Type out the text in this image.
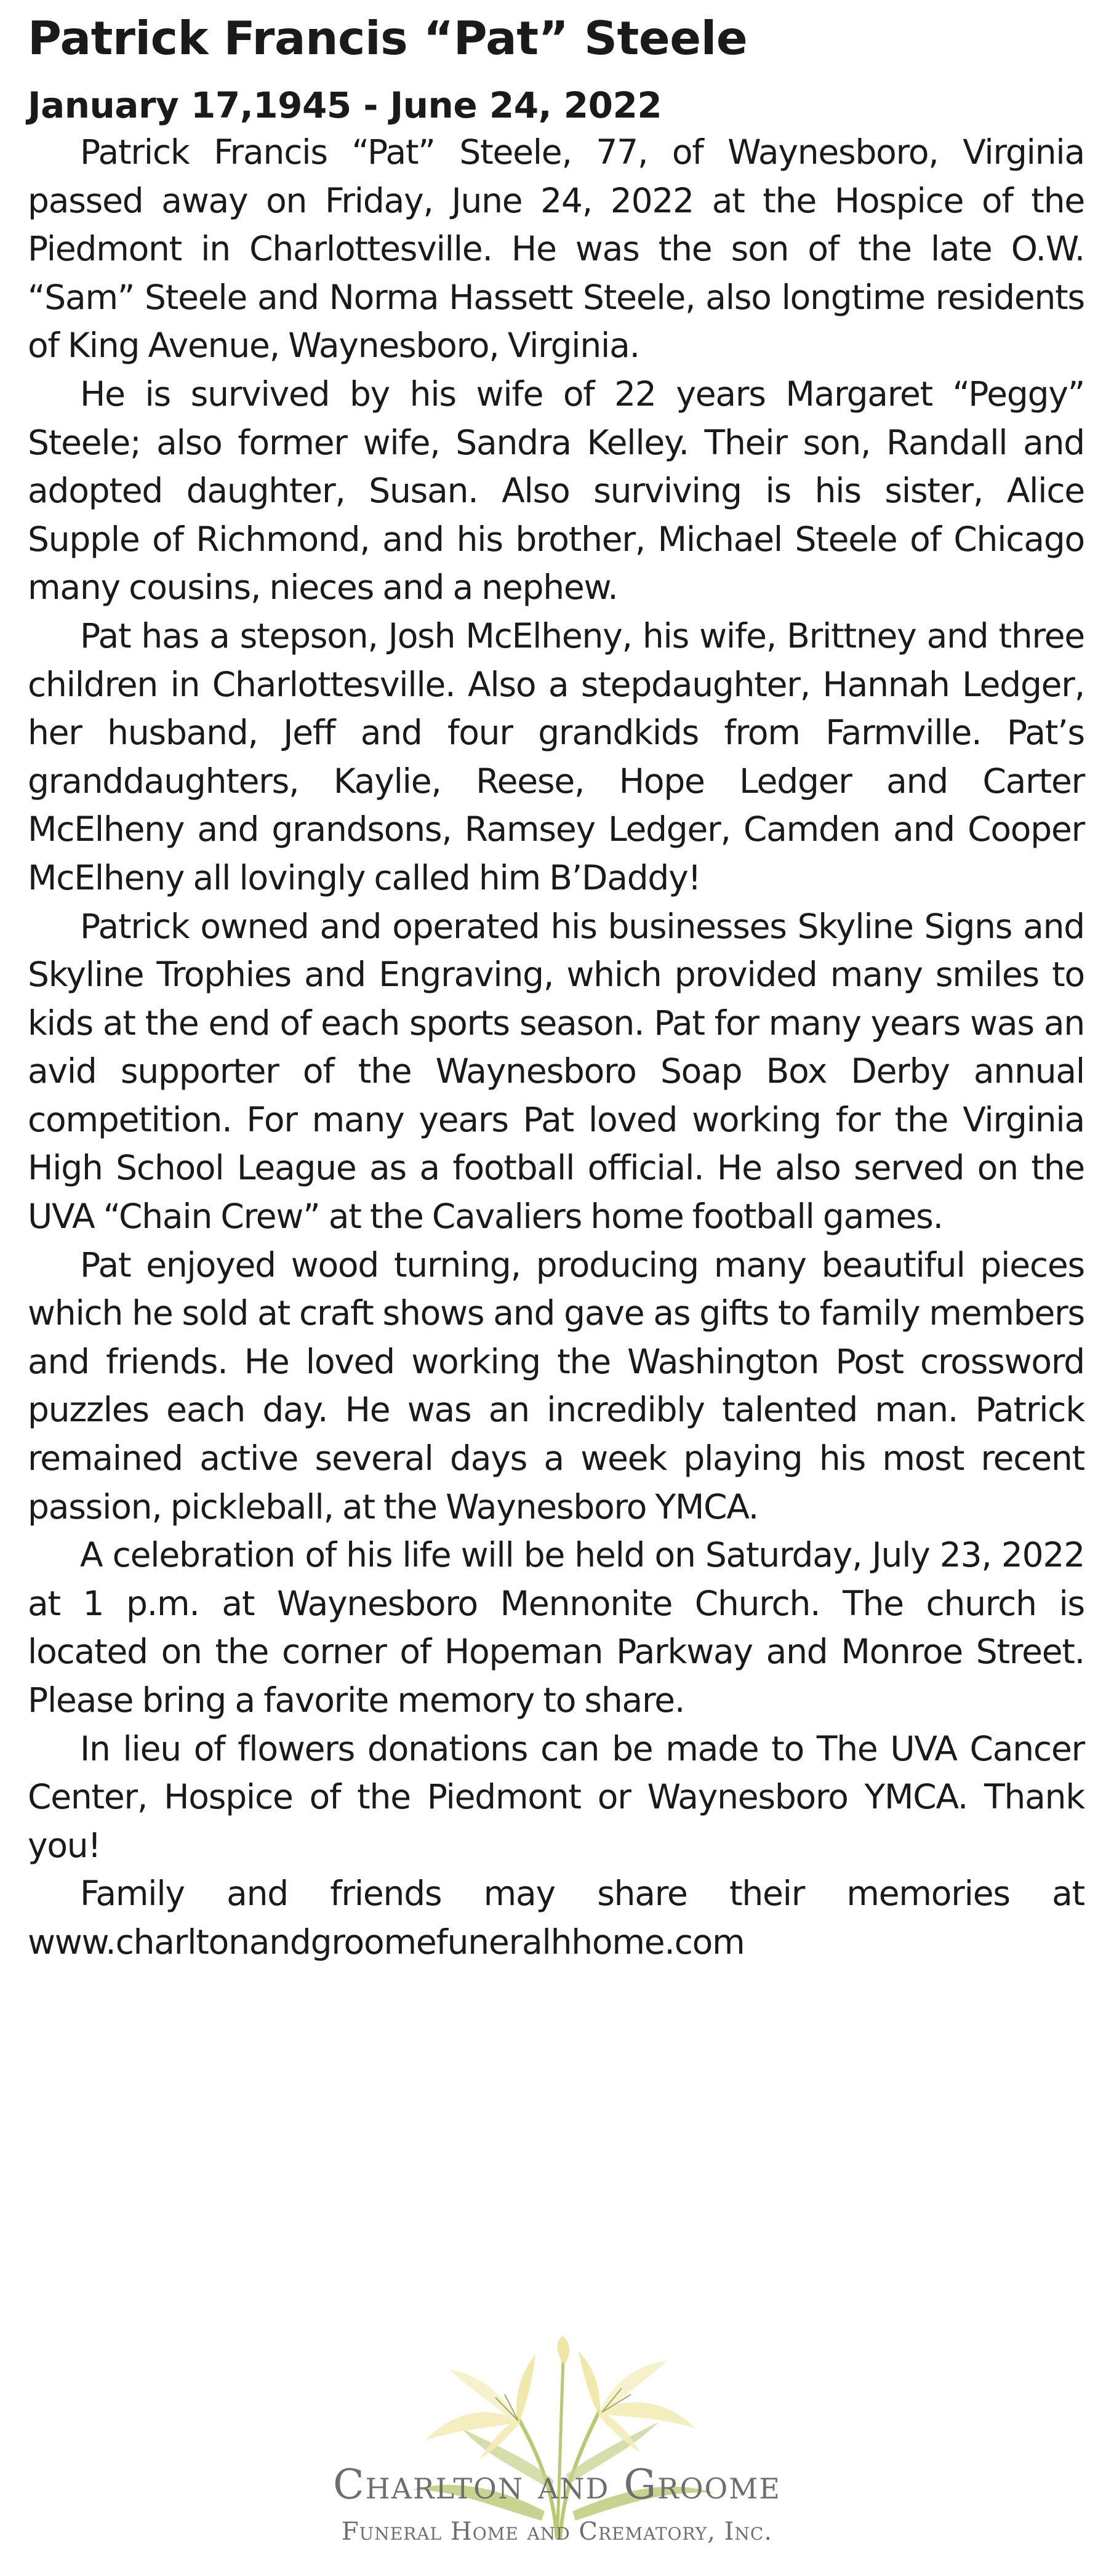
Patrick Francis “Pat” Steele
January 17,1945 - June 24, 2022

Patrick Francis “Pat” Steele, 77, of Waynesboro, Virginia passed away on Friday, June 24, 2022 at the Hospice of the Piedmont in Charlottesville. He was the son of the late O.W. “Sam” Steele and Norma Hassett Steele, also longtime residents of King Avenue, Waynesboro, Virginia.

He is survived by his wife of 22 years Margaret “Peggy” Steele; also former wife, Sandra Kelley. Their son, Randall and adopted daughter, Susan. Also surviving is his sister, Alice Supple of Richmond, and his brother, Michael Steele of Chicago many cousins, nieces and a nephew.

Pat has a stepson, Josh McElheny, his wife, Brittney and three children in Charlottesville. Also a stepdaughter, Hannah Ledger, her husband, Jeff and four grandkids from Farmville. Pat’s granddaughters, Kaylie, Reese, Hope Ledger and Carter McElheny and grandsons, Ramsey Ledger, Camden and Cooper McElheny all lovingly called him B’Daddy!

Patrick owned and operated his businesses Skyline Signs and Skyline Trophies and Engraving, which provided many smiles to kids at the end of each sports season. Pat for many years was an avid supporter of the Waynesboro Soap Box Derby annual competition. For many years Pat loved working for the Virginia High School League as a football official. He also served on the UVA “Chain Crew” at the Cavaliers home football games.

Pat enjoyed wood turning, producing many beautiful pieces which he sold at craft shows and gave as gifts to family members and friends. He loved working the Washington Post crossword puzzles each day. He was an incredibly talented man. Patrick remained active several days a week playing his most recent passion, pickleball, at the Waynesboro YMCA.

A celebration of his life will be held on Saturday, July 23, 2022 at 1 p.m. at Waynesboro Mennonite Church. The church is located on the corner of Hopeman Parkway and Monroe Street. Please bring a favorite memory to share.

In lieu of flowers donations can be made to The UVA Cancer Center, Hospice of the Piedmont or Waynesboro YMCA. Thank you!

Family and friends may share their memories at www.charltonandgroomefuneralhhome.com

Charlton and Groome
Funeral Home and Crematory, Inc.
